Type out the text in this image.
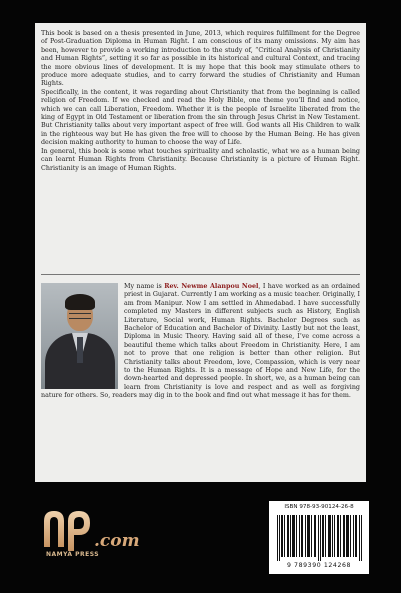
This book is based on a thesis presented in June, 2013, which requires fulfillment for the Degree of Post-Graduation Diploma in Human Right. I am conscious of its many omissions. My aim has been, however to provide a working introduction to the study of, “Critical Analysis of Christianity and Human Rights”, setting it so far as possible in its historical and cultural Context, and tracing the more obvious lines of development. It is my hope that this book may stimulate others to produce more adequate studies, and to carry forward the studies of Christianity and Human Rights.

Specifically, in the content, it was regarding about Christianity that from the beginning is called religion of Freedom. If we checked and read the Holy Bible, one theme you’ll find and notice, which we can call Liberation, Freedom. Whether it is the people of Israelite liberated from the king of Egypt in Old Testament or liberation from the sin through Jesus Christ in New Testament. But Christianity talks about very important aspect of free will. God wants all His Children to walk in the righteous way but He has given the free will to choose by the Human Being. He has given decision making authority to human to choose the way of Life.

In general, this book is some what touches spirituality and scholastic, what we as a human being can learnt Human Rights from Christianity. Because Christianity is a picture of Human Right. Christianity is an image of Human Rights.

My name is Rev. Newme Alanpou Noel, I have worked as an ordained priest in Gujarat. Currently I am working as a music teacher. Originally, I am from Manipur. Now I am settled in Ahmedabad. I have successfully completed my Masters in different subjects such as History, English Literature, Social work, Human Rights. Bachelor Degrees such as Bachelor of Education and Bachelor of Divinity. Lastly but not the least, Diploma in Music Theory. Having said all of these, I’ve come across a beautiful theme which talks about Freedom in Christianity. Here, I am not to prove that one religion is better than other religion. But Christianity talks about Freedom, love, Compassion, which is very near to the Human Rights. It is a message of Hope and New Life, for the down-hearted and depressed people. In short, we, as a human being can learn from Christianity is love and respect and as well as forgiving nature for others. So, readers may dig in to the book and find out what message it has for them.

NAMYA PRESS
.com
ISBN 978-93-90124-26-8
9 789390 124268
